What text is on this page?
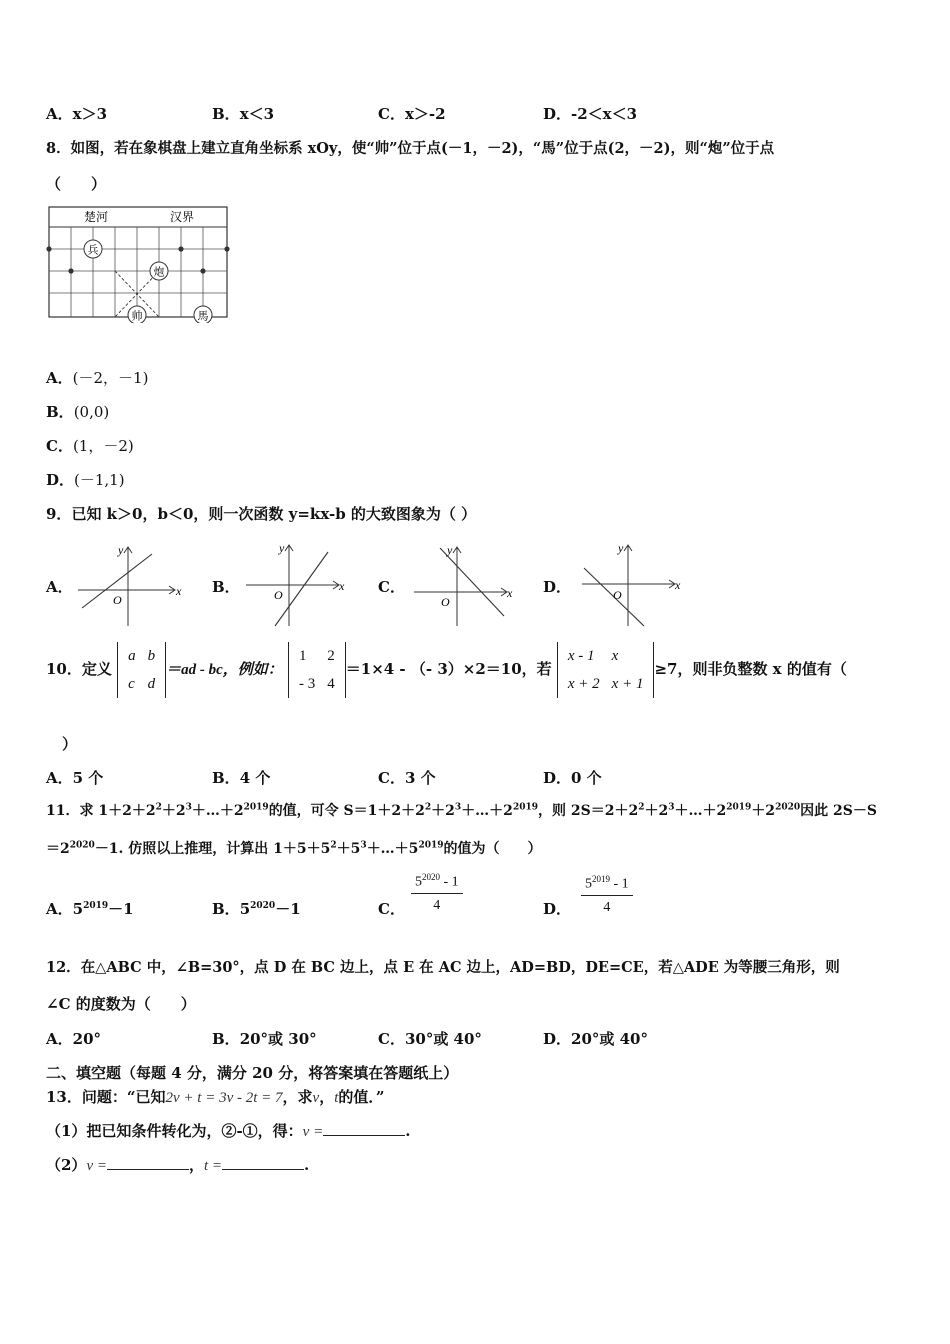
A．x＞3	B．x＜3	C．x＞-2	D．-2＜x＜3
8．如图，若在象棋盘上建立直角坐标系 xOy，使“帅”位于点(－1，－2)，“馬”位于点(2，－2)，则“炮”位于点
（　　）
楚河	汉界
兵
炮
帅	馬
A．(－2，－1)
B．(0,0)
C．(1，－2)
D．(－1,1)
9．已知 k＞0，b＜0，则一次函数 y=kx-b 的大致图象为（ ）
A．
y
x
O
B．
y
x
O	C．
y
x
O
D．
y
x
O
10．定义
a	b
c	d
＝ad - bc，例如：
1	2
- 3	4
＝1×4 - （- 3）×2＝10，若
x - 1	x
x + 2	x + 1
≥7，则非负整数 x 的值有（
）
A．5 个	B．4 个	C．3 个	D．0 个
11．求 $1+2+2^2+2^3+\dots+2^{2019}$的值，可令 $S=1+2+2^2+2^3+\dots+2^{2019}$，则 $2S=2+2^2+2^3+\dots+2^{2019}+2^{2020}$因此 2S－S
$=2^{2020}-1$. 仿照以上推理，计算出 $1+5+5^2+5^3+\dots+5^{2019}$的值为（　　）
A．$5^{2019}-1$	B．$5^{2020}-1$	C． $\frac{5^{2020} - 1}{4}$	D． $\frac{5^{2019} - 1}{4}$
12．在△ABC 中，∠B=30°，点 D 在 BC 边上，点 E 在 AC 边上，AD=BD，DE=CE，若△ADE 为等腰三角形，则
∠C 的度数为（　　）
A．20°	B．20°或 30°	C．30°或 40°	D．20°或 40°
二、填空题（每题 4 分，满分 20 分，将答案填在答题纸上）
13．问题：“已知2v + t = 3v - 2t = 7，求v，t的值．”
（1）把已知条件转化为，②-①，得：v =	.
（2）v =	，t =	.
